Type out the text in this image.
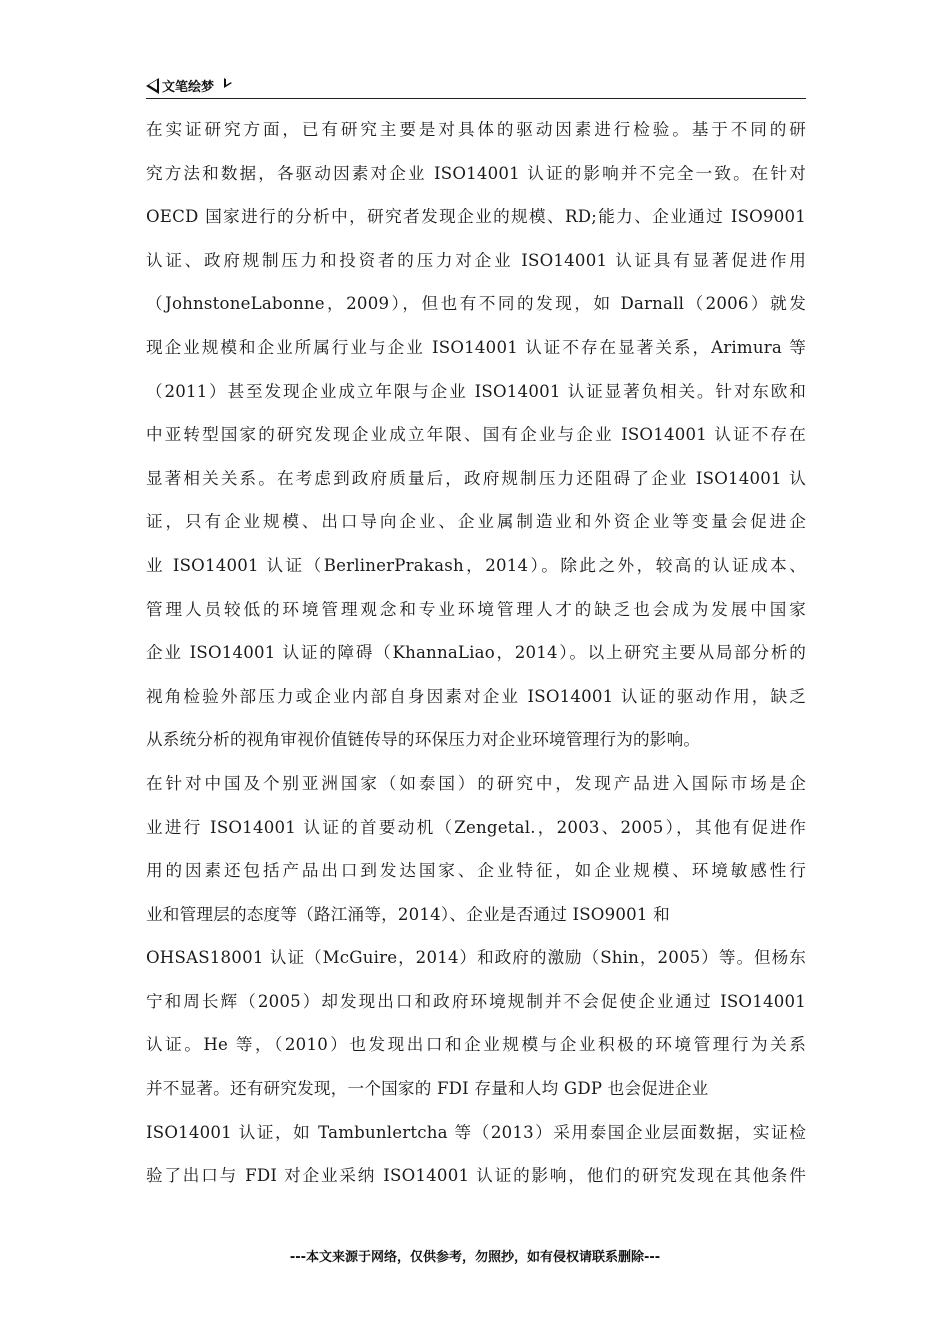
文笔绘梦
在实证研究方面，已有研究主要是对具体的驱动因素进行检验。基于不同的研
究方法和数据，各驱动因素对企业 ISO14001 认证的影响并不完全一致。在针对
OECD 国家进行的分析中，研究者发现企业的规模、RD;能力、企业通过 ISO9001
认证、政府规制压力和投资者的压力对企业 ISO14001 认证具有显著促进作用
（JohnstoneLabonne，2009），但也有不同的发现，如 Darnall（2006）就发
现企业规模和企业所属行业与企业 ISO14001 认证不存在显著关系，Arimura 等
（2011）甚至发现企业成立年限与企业 ISO14001 认证显著负相关。针对东欧和
中亚转型国家的研究发现企业成立年限、国有企业与企业 ISO14001 认证不存在
显著相关关系。在考虑到政府质量后，政府规制压力还阻碍了企业 ISO14001 认
证，只有企业规模、出口导向企业、企业属制造业和外资企业等变量会促进企
业 ISO14001 认证（BerlinerPrakash，2014）。除此之外，较高的认证成本、
管理人员较低的环境管理观念和专业环境管理人才的缺乏也会成为发展中国家
企业 ISO14001 认证的障碍（KhannaLiao，2014）。以上研究主要从局部分析的
视角检验外部压力或企业内部自身因素对企业 ISO14001 认证的驱动作用，缺乏
从系统分析的视角审视价值链传导的环保压力对企业环境管理行为的影响。
在针对中国及个别亚洲国家（如泰国）的研究中，发现产品进入国际市场是企
业进行 ISO14001 认证的首要动机（Zengetal.，2003、2005），其他有促进作
用的因素还包括产品出口到发达国家、企业特征，如企业规模、环境敏感性行
业和管理层的态度等（路江涌等，2014）、企业是否通过 ISO9001 和
OHSAS18001 认证（McGuire，2014）和政府的激励（Shin，2005）等。但杨东
宁和周长辉（2005）却发现出口和政府环境规制并不会促使企业通过 ISO14001
认证。He 等，（2010）也发现出口和企业规模与企业积极的环境管理行为关系
并不显著。还有研究发现，一个国家的 FDI 存量和人均 GDP 也会促进企业
ISO14001 认证，如 Tambunlertcha 等（2013）采用泰国企业层面数据，实证检
验了出口与 FDI 对企业采纳 ISO14001 认证的影响，他们的研究发现在其他条件
---本文来源于网络，仅供参考，勿照抄，如有侵权请联系删除---
